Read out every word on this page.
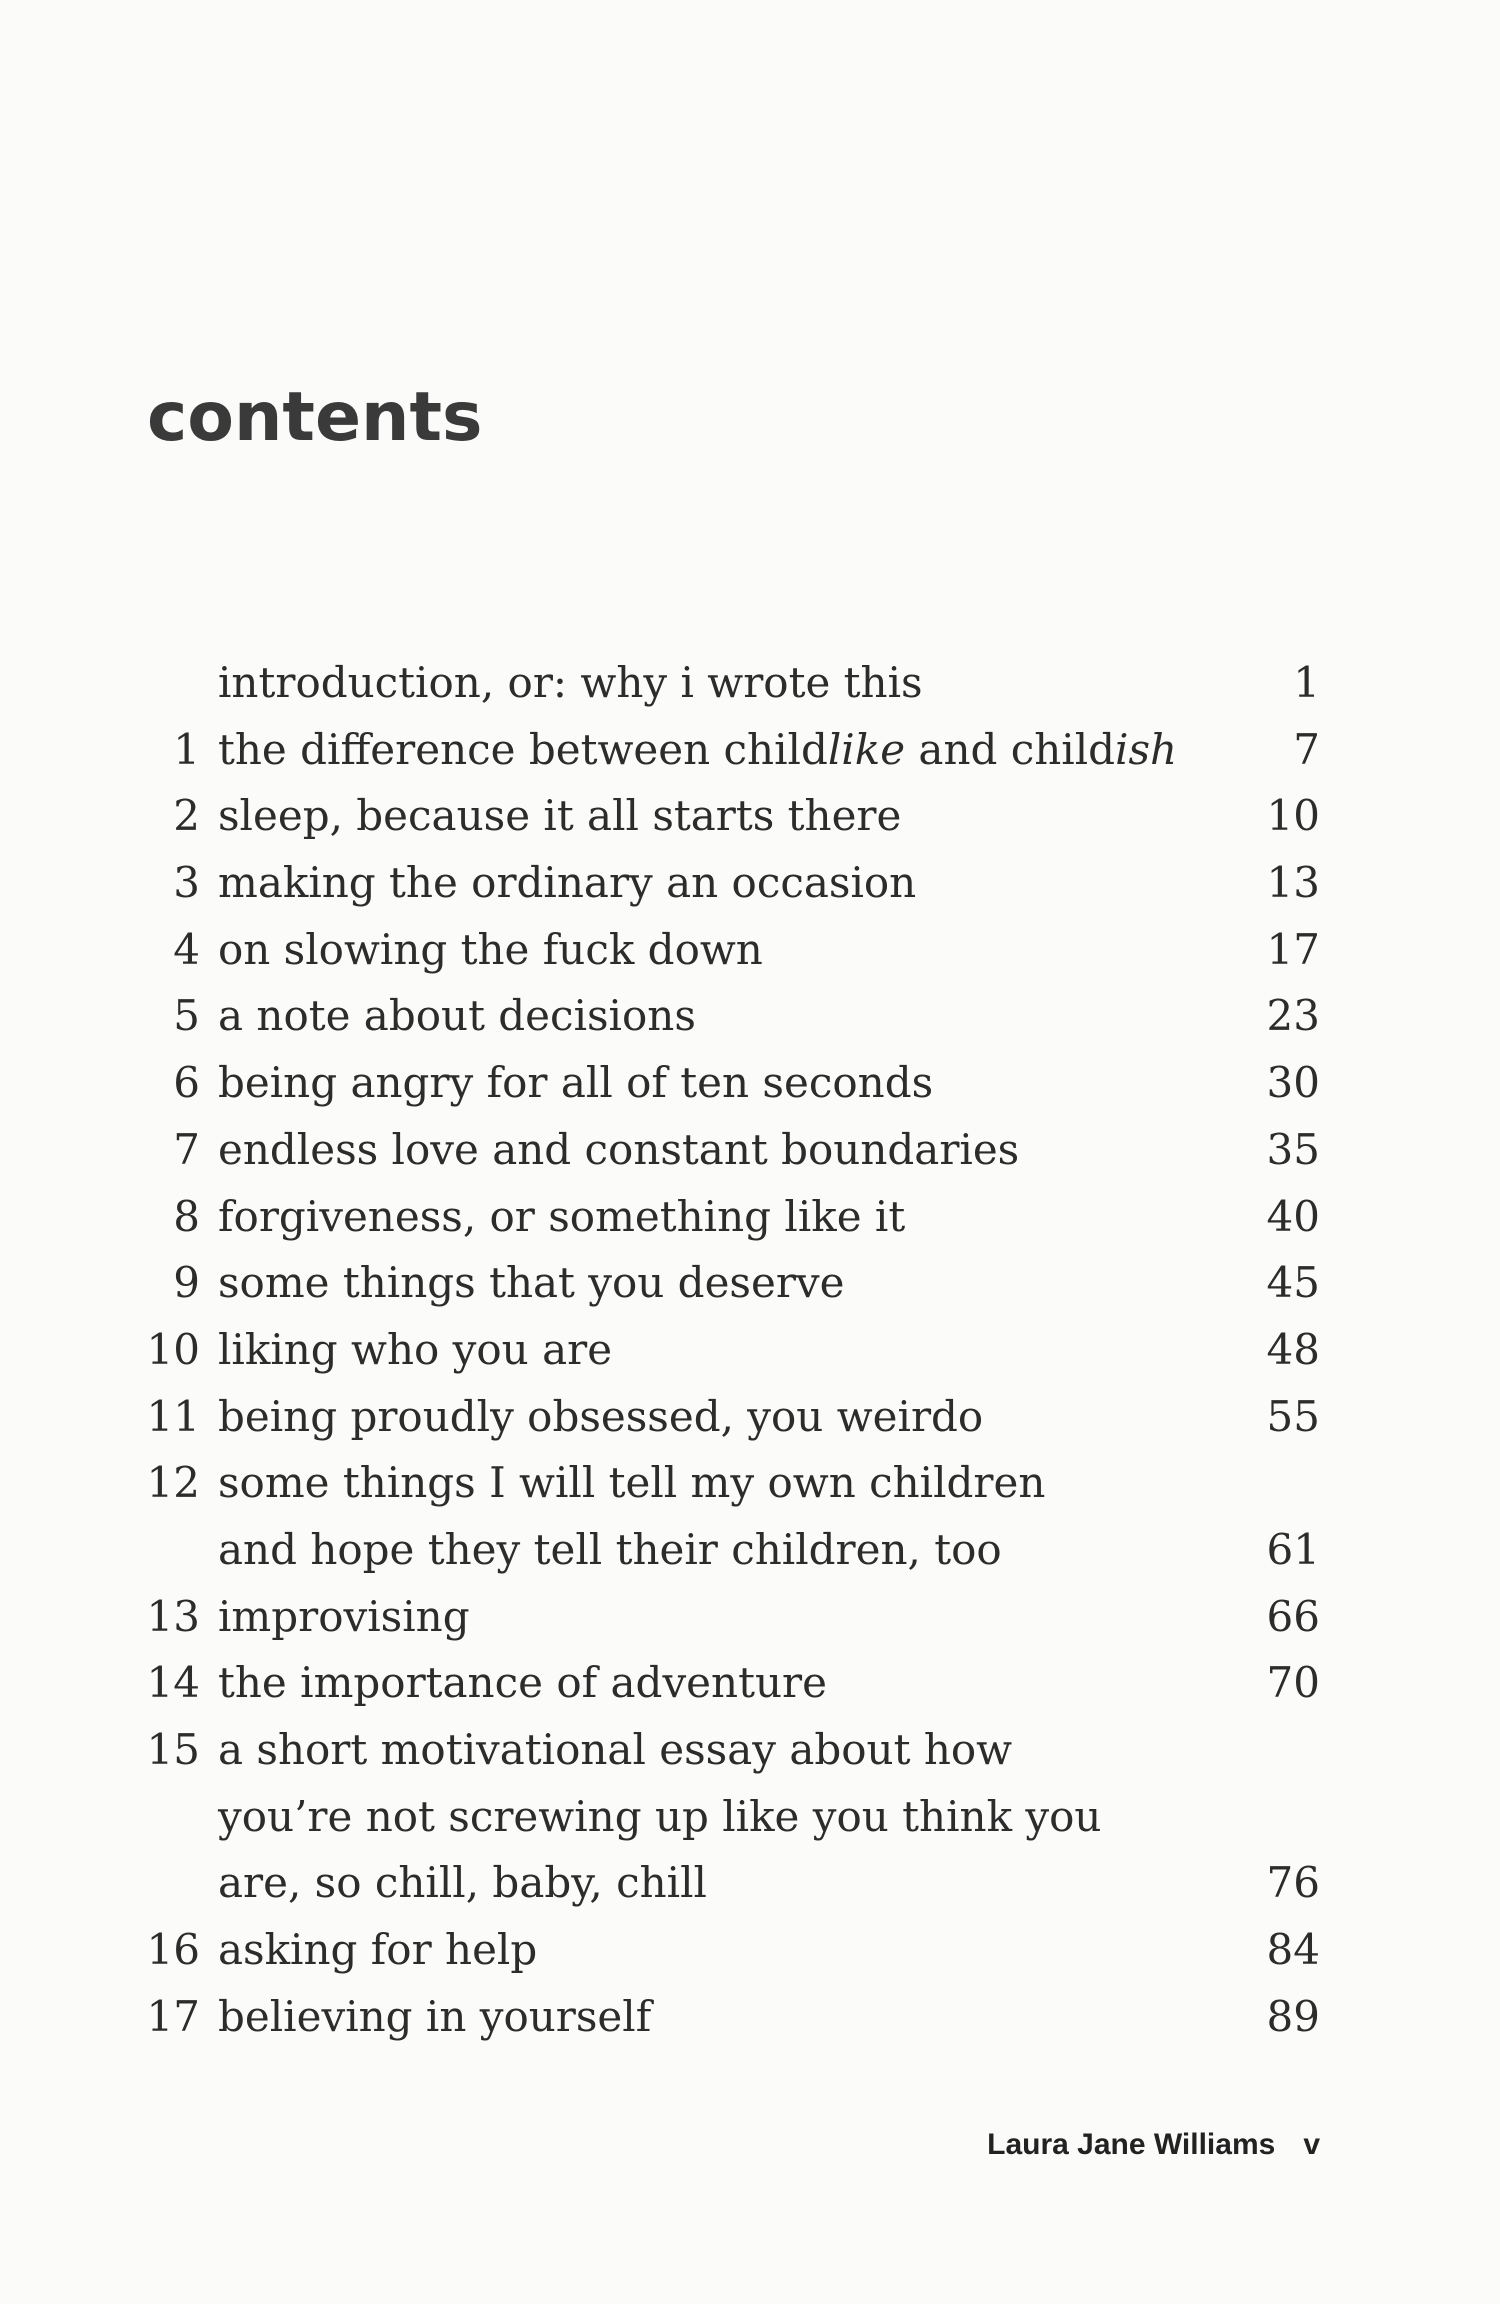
contents
introduction, or: why i wrote this	1
1 the difference between childlike and childish	7
2 sleep, because it all starts there	10
3 making the ordinary an occasion	13
4 on slowing the fuck down	17
5 a note about decisions	23
6 being angry for all of ten seconds	30
7 endless love and constant boundaries	35
8 forgiveness, or something like it	40
9 some things that you deserve	45
10 liking who you are	48
11 being proudly obsessed, you weirdo	55
12 some things I will tell my own children
and hope they tell their children, too	61
13 improvising	66
14 the importance of adventure	70
15 a short motivational essay about how
you’re not screwing up like you think you
are, so chill, baby, chill	76
16 asking for help	84
17 believing in yourself	89
Laura Jane Williams v
